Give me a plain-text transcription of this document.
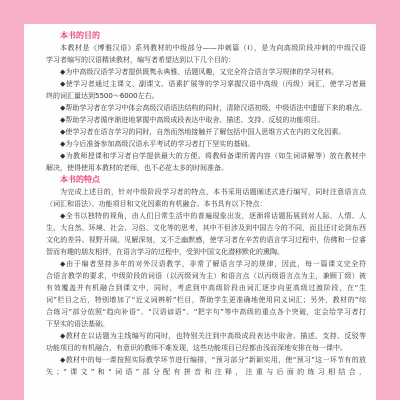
本书的目的
本教材是《博雅汉语》系列教材的中级部分——冲刺篇（Ⅰ），是为向高级阶段冲刺的中级汉语
学习者编写的汉语精读教材，编写者希望达到以下几个目的：
◆为中高级汉语学习者提供既隽永典雅、话题风趣，又完全符合语言学习规律的学习材料。
◆使学习者通过主课文、副课文、语素扩展等的学习掌握汉语中高级（丙级）词汇，使学习者最
终的词汇量达到5500～6000左右。
◆帮助学习者在学习中体会高级汉语语法结构的同时，清除汉语初级、中级语法中遗留下来的难点。
◆帮助学习者循序渐进地掌握中高级成段表达中取舍、描述、支持、反驳的功能项目。
◆使学习者在语言学习的同时，自然而然地接触并了解包括中国人思维方式在内的文化因素。
◆为今后准备参加高级汉语水平考试的学习者打下坚实的基础。
◆为教师授课和学习者自学提供最大的方便。将教师备课所需内容（如生词讲解等）放在教材中
解决，使得使用本教材的老师，也不必花太多的时间准备。
本书的特点
为完成上述目的，针对中级阶段学习者的特点，本书采用话题阐述式进行编写，同时注意语言点
（词汇和语法）、功能项目和文化因素的有机融合。本书具有以下特点：
◆全书以独特的视角，由人们日常生活中的普遍现象出发，逐渐将话题拓展到对人际、人情、人
生、大自然、环境、社会、习俗、文化等的思考，其中不但涉及到中国古今的不同，而且还讨论到东西
文化的差异。视野开阔，见解深刻，又不乏幽默感，使学习者在辛苦的语言学习过程中，仿佛和一位睿
智而有趣的朋友相伴，在语言学习的过程中，受到中国文化潜移默化的熏陶。
◆由于编者坚持多年的对外汉语教学，非常了解语言学习的规律，因此，每一篇课文完全符
合语言教学的要求，中级阶段的词语（以丙级词为主）和语言点（以丙级语言点为主，兼顾丁级）被
有效覆盖并有机融合到课文中，同时，考虑到中高级阶段由词汇逐步向更高级过渡阶段，在“生
词”栏目之后，特别增加了“近义词辨析”栏目，帮助学生更准确地使用同义词汇；另外，教材的“综
合练习”部分依照“趋向补语”、“汉语谚语”、“把字句”等中高级的重点各个突破，定会给学习者打
下坚实的语法基础。
◆教材在以话题为主线编写的同时，也特别关注到中高级成段表达中取舍、描述、支持、反驳等
功能项目的有机融合，有意识的教师不难发现，这些功能项目已经都由浅而深地安排在每一课中。
◆教材中的每一课按照实际教学环节进行编排，“预习部分”新颖实用，使“预习”这一环节有的放
矢；“课文”和“词语”部分配有拼音和注释，注重与后面的练习相结合，
